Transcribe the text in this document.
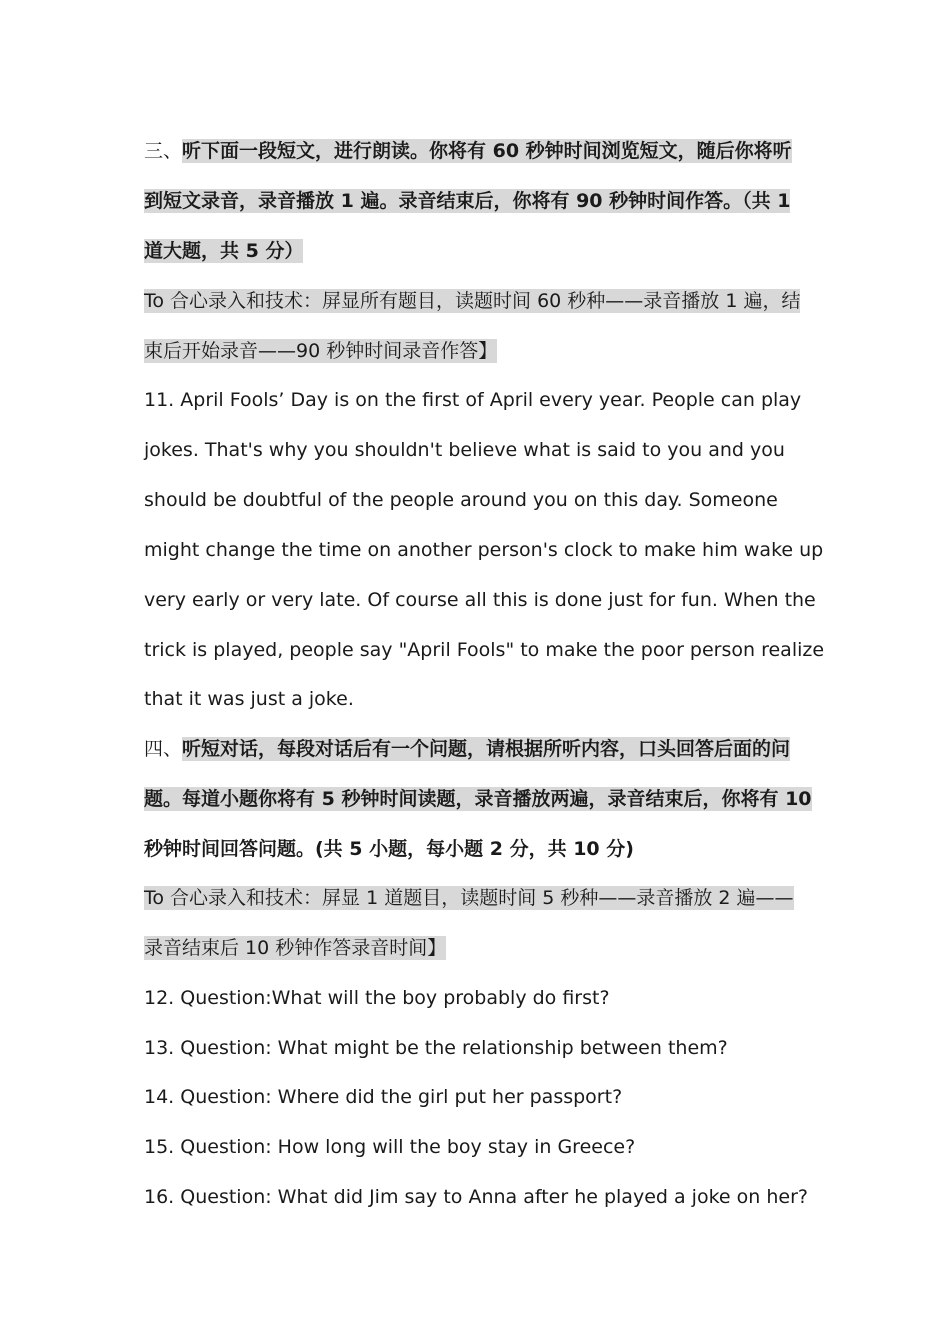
三、听下面一段短文，进行朗读。你将有 60 秒钟时间浏览短文，随后你将听
到短文录音，录音播放 1 遍。录音结束后，你将有 90 秒钟时间作答。（共 1
道大题，共 5 分）
To 合心录入和技术：屏显所有题目，读题时间 60 秒种——录音播放 1 遍，结
束后开始录音——90 秒钟时间录音作答】
11. April Fools’ Day is on the first of April every year. People can play
jokes. That's why you shouldn't believe what is said to you and you
should be doubtful of the people around you on this day. Someone
might change the time on another person's clock to make him wake up
very early or very late. Of course all this is done just for fun. When the
trick is played, people say "April Fools" to make the poor person realize
that it was just a joke.
四、听短对话，每段对话后有一个问题，请根据所听内容，口头回答后面的问
题。每道小题你将有 5 秒钟时间读题，录音播放两遍，录音结束后，你将有 10
秒钟时间回答问题。(共 5 小题，每小题 2 分，共 10 分)
To 合心录入和技术：屏显 1 道题目，读题时间 5 秒种——录音播放 2 遍——
录音结束后 10 秒钟作答录音时间】
12. Question:What will the boy probably do first?
13. Question: What might be the relationship between them?
14. Question: Where did the girl put her passport?
15. Question: How long will the boy stay in Greece?
16. Question: What did Jim say to Anna after he played a joke on her?
